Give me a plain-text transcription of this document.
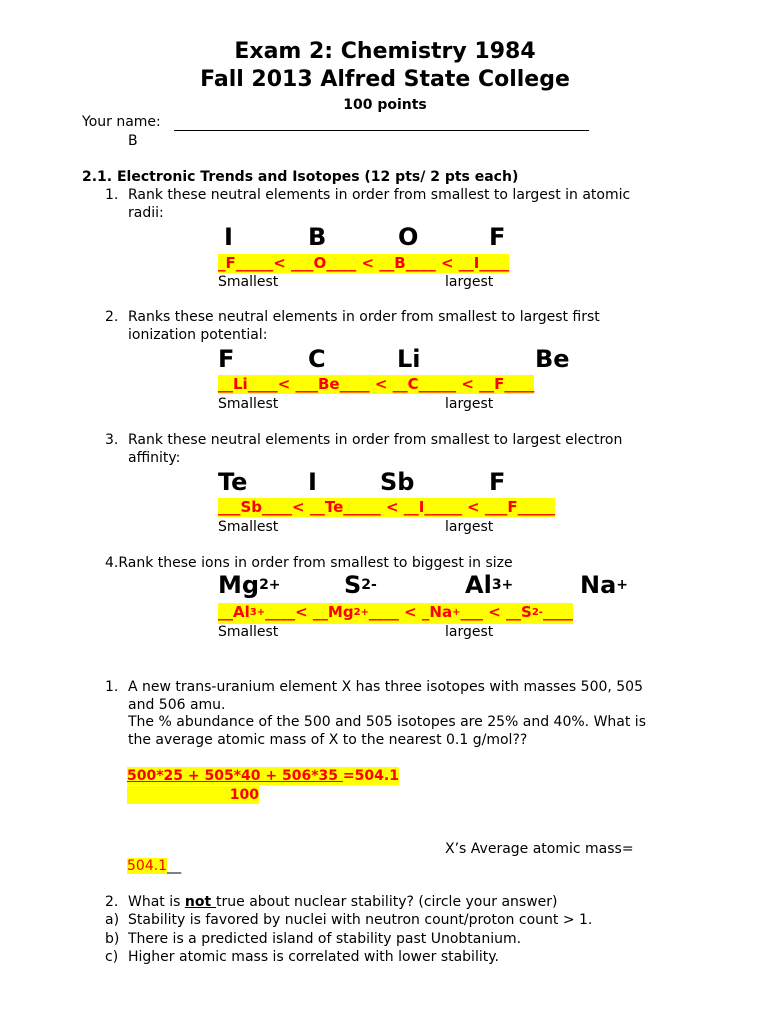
Exam 2: Chemistry 1984
Fall 2013 Alfred State College
100 points
Your name:
B
2.1. Electronic Trends and Isotopes (12 pts/ 2 pts each)
1. Rank these neutral elements in order from smallest to largest in atomic
radii:
I	B	O	F
_F_____< ___O____ < __B____ < __I____
Smallest	largest
2. Ranks these neutral elements in order from smallest to largest first
ionization potential:
F	C	Li	Be
__Li____< ___Be____ < __C_____ < __F____
Smallest	largest
3. Rank these neutral elements in order from smallest to largest electron
affinity:
Te	I	Sb	F
___Sb____< __Te_____ < __I_____ < ___F_____
Smallest	largest
4.Rank these ions in order from smallest to biggest in size
$Mg^{2+}$	$S^{2-}$	$Al^{3+}$	Na+
$\_\_Al^{3+}\_\_\_\_<$ $\_\_Mg^{2+}\_\_\_\_$ < _Na+___ < $\_\_S^{2-}\_\_\_\_$
Smallest	largest
1. A new trans-uranium element X has three isotopes with masses 500, 505
and 506 amu.
The % abundance of the 500 and 505 isotopes are 25% and 40%. What is
the average atomic mass of X to the nearest 0.1 g/mol??
500*25 + 505*40 + 506*35 =504.1
100
X’s Average atomic mass=
504.1__
2. What is not true about nuclear stability? (circle your answer)
a) Stability is favored by nuclei with neutron count/proton count > 1.
b) There is a predicted island of stability past Unobtanium.
c) Higher atomic mass is correlated with lower stability.
